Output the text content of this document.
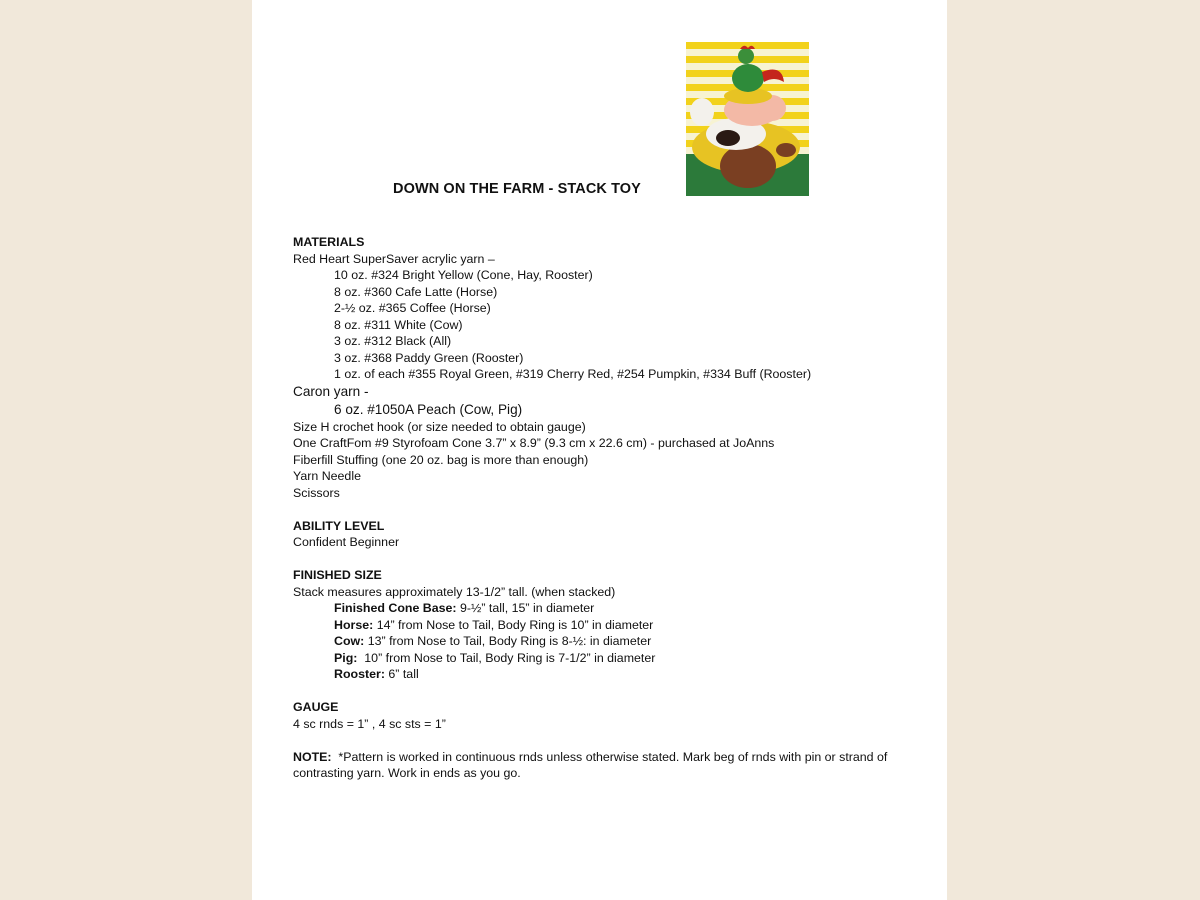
DOWN ON THE FARM - STACK TOY
MATERIALS
Red Heart SuperSaver acrylic yarn –
10 oz. #324 Bright Yellow (Cone, Hay, Rooster)
8 oz. #360 Cafe Latte (Horse)
2-½ oz. #365 Coffee (Horse)
8 oz. #311 White (Cow)
3 oz. #312 Black (All)
3 oz. #368 Paddy Green (Rooster)
1 oz. of each #355 Royal Green, #319 Cherry Red, #254 Pumpkin, #334 Buff (Rooster)
Caron yarn -
6 oz. #1050A Peach (Cow, Pig)
Size H crochet hook (or size needed to obtain gauge)
One CraftFom #9 Styrofoam Cone 3.7” x 8.9” (9.3 cm x 22.6 cm) - purchased at JoAnns
Fiberfill Stuffing (one 20 oz. bag is more than enough)
Yarn Needle
Scissors
ABILITY LEVEL
Confident Beginner
FINISHED SIZE
Stack measures approximately 13-1/2” tall. (when stacked)
Finished Cone Base: 9-½” tall, 15” in diameter
Horse: 14” from Nose to Tail, Body Ring is 10” in diameter
Cow: 13” from Nose to Tail, Body Ring is 8-½: in diameter
Pig:  10” from Nose to Tail, Body Ring is 7-1/2” in diameter
Rooster: 6” tall
GAUGE
4 sc rnds = 1” , 4 sc sts = 1”
NOTE:  *Pattern is worked in continuous rnds unless otherwise stated. Mark beg of rnds with pin or strand of contrasting yarn. Work in ends as you go.
